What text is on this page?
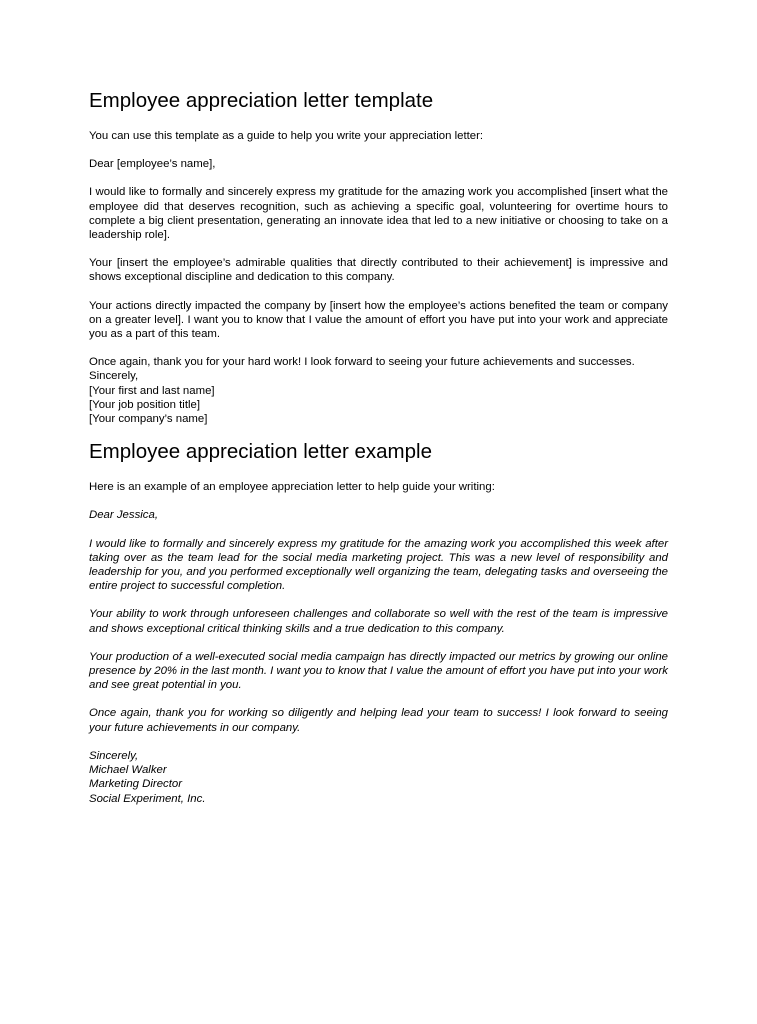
Employee appreciation letter template

You can use this template as a guide to help you write your appreciation letter:

Dear [employee’s name],

I would like to formally and sincerely express my gratitude for the amazing work you accomplished [insert what the employee did that deserves recognition, such as achieving a specific goal, volunteering for overtime hours to complete a big client presentation, generating an innovate idea that led to a new initiative or choosing to take on a leadership role].

Your [insert the employee’s admirable qualities that directly contributed to their achievement] is impressive and shows exceptional discipline and dedication to this company.

Your actions directly impacted the company by [insert how the employee’s actions benefited the team or company on a greater level]. I want you to know that I value the amount of effort you have put into your work and appreciate you as a part of this team.

Once again, thank you for your hard work! I look forward to seeing your future achievements and successes.

Sincerely,
[Your first and last name]
[Your job position title]
[Your company’s name]

Employee appreciation letter example

Here is an example of an employee appreciation letter to help guide your writing:

Dear Jessica,

I would like to formally and sincerely express my gratitude for the amazing work you accomplished this week after taking over as the team lead for the social media marketing project. This was a new level of responsibility and leadership for you, and you performed exceptionally well organizing the team, delegating tasks and overseeing the entire project to successful completion.

Your ability to work through unforeseen challenges and collaborate so well with the rest of the team is impressive and shows exceptional critical thinking skills and a true dedication to this company.

Your production of a well-executed social media campaign has directly impacted our metrics by growing our online presence by 20% in the last month. I want you to know that I value the amount of effort you have put into your work and see great potential in you.

Once again, thank you for working so diligently and helping lead your team to success! I look forward to seeing your future achievements in our company.

Sincerely,
Michael Walker
Marketing Director
Social Experiment, Inc.
